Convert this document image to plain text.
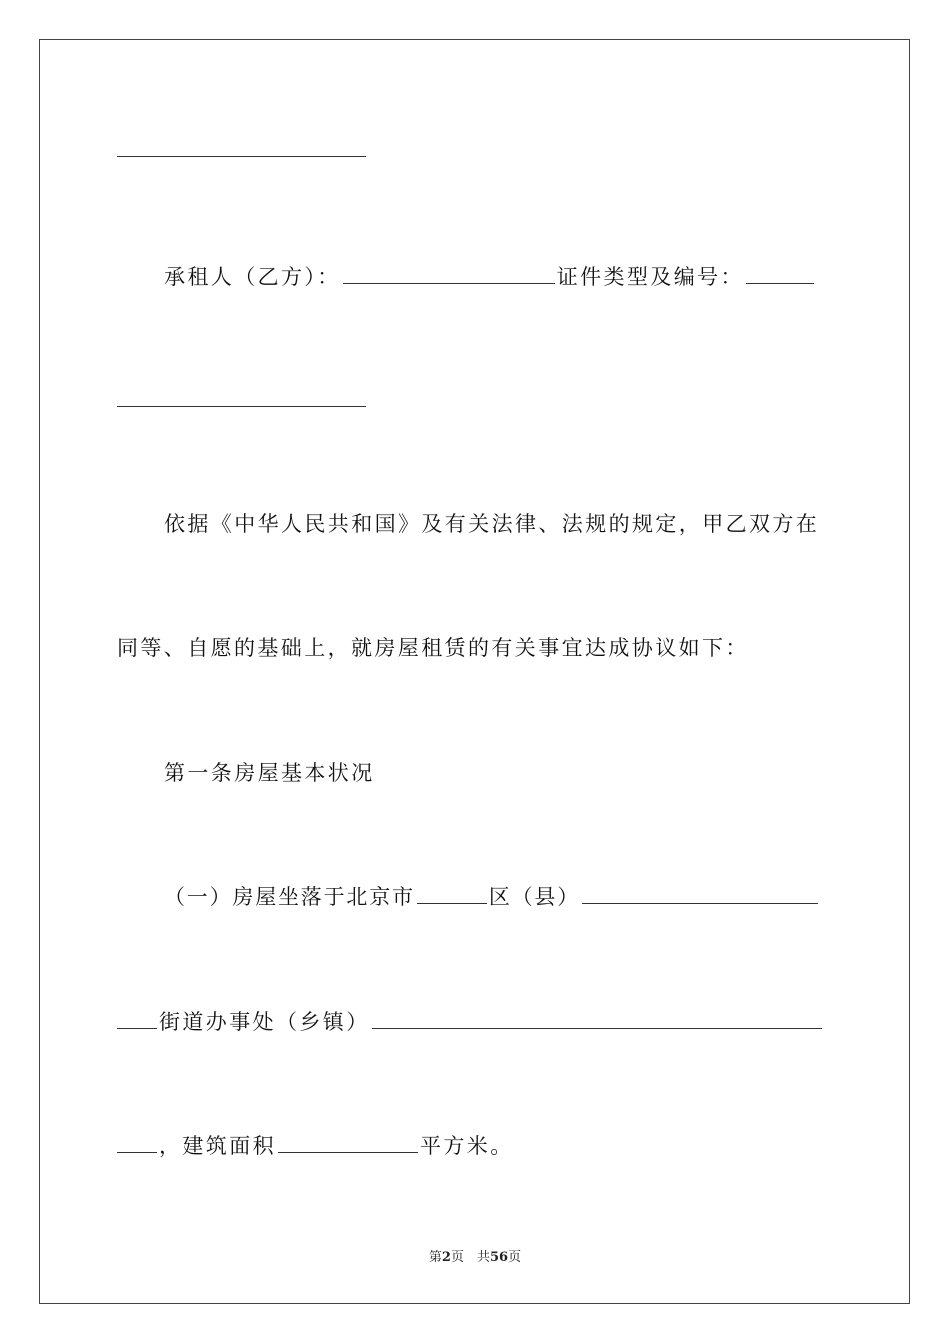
承租人（乙方）：	证件类型及编号：
依据《中华人民共和国》及有关法律、法规的规定，甲乙双方在
同等、自愿的基础上，就房屋租赁的有关事宜达成协议如下：
第一条房屋基本状况
（一）房屋坐落于北京市	区（县）
街道办事处（乡镇）
，建筑面积	平方米。
第2页　共56页
